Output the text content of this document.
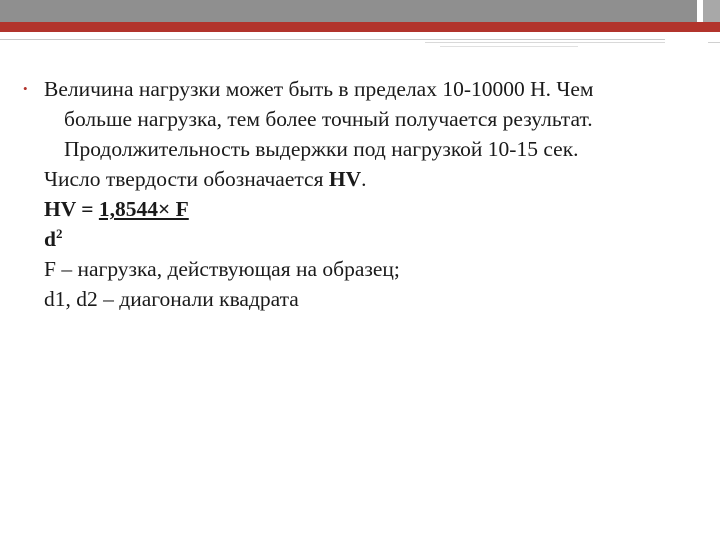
• Величина нагрузки может быть в пределах 10-10000 Н. Чем
больше нагрузка, тем более точный получается результат.
Продолжительность выдержки под нагрузкой 10-15 сек.
Число твердости обозначается HV.
HV = 1,8544× F
$d^2$
F – нагрузка, действующая на образец;
d1, d2 – диагонали квадрата
